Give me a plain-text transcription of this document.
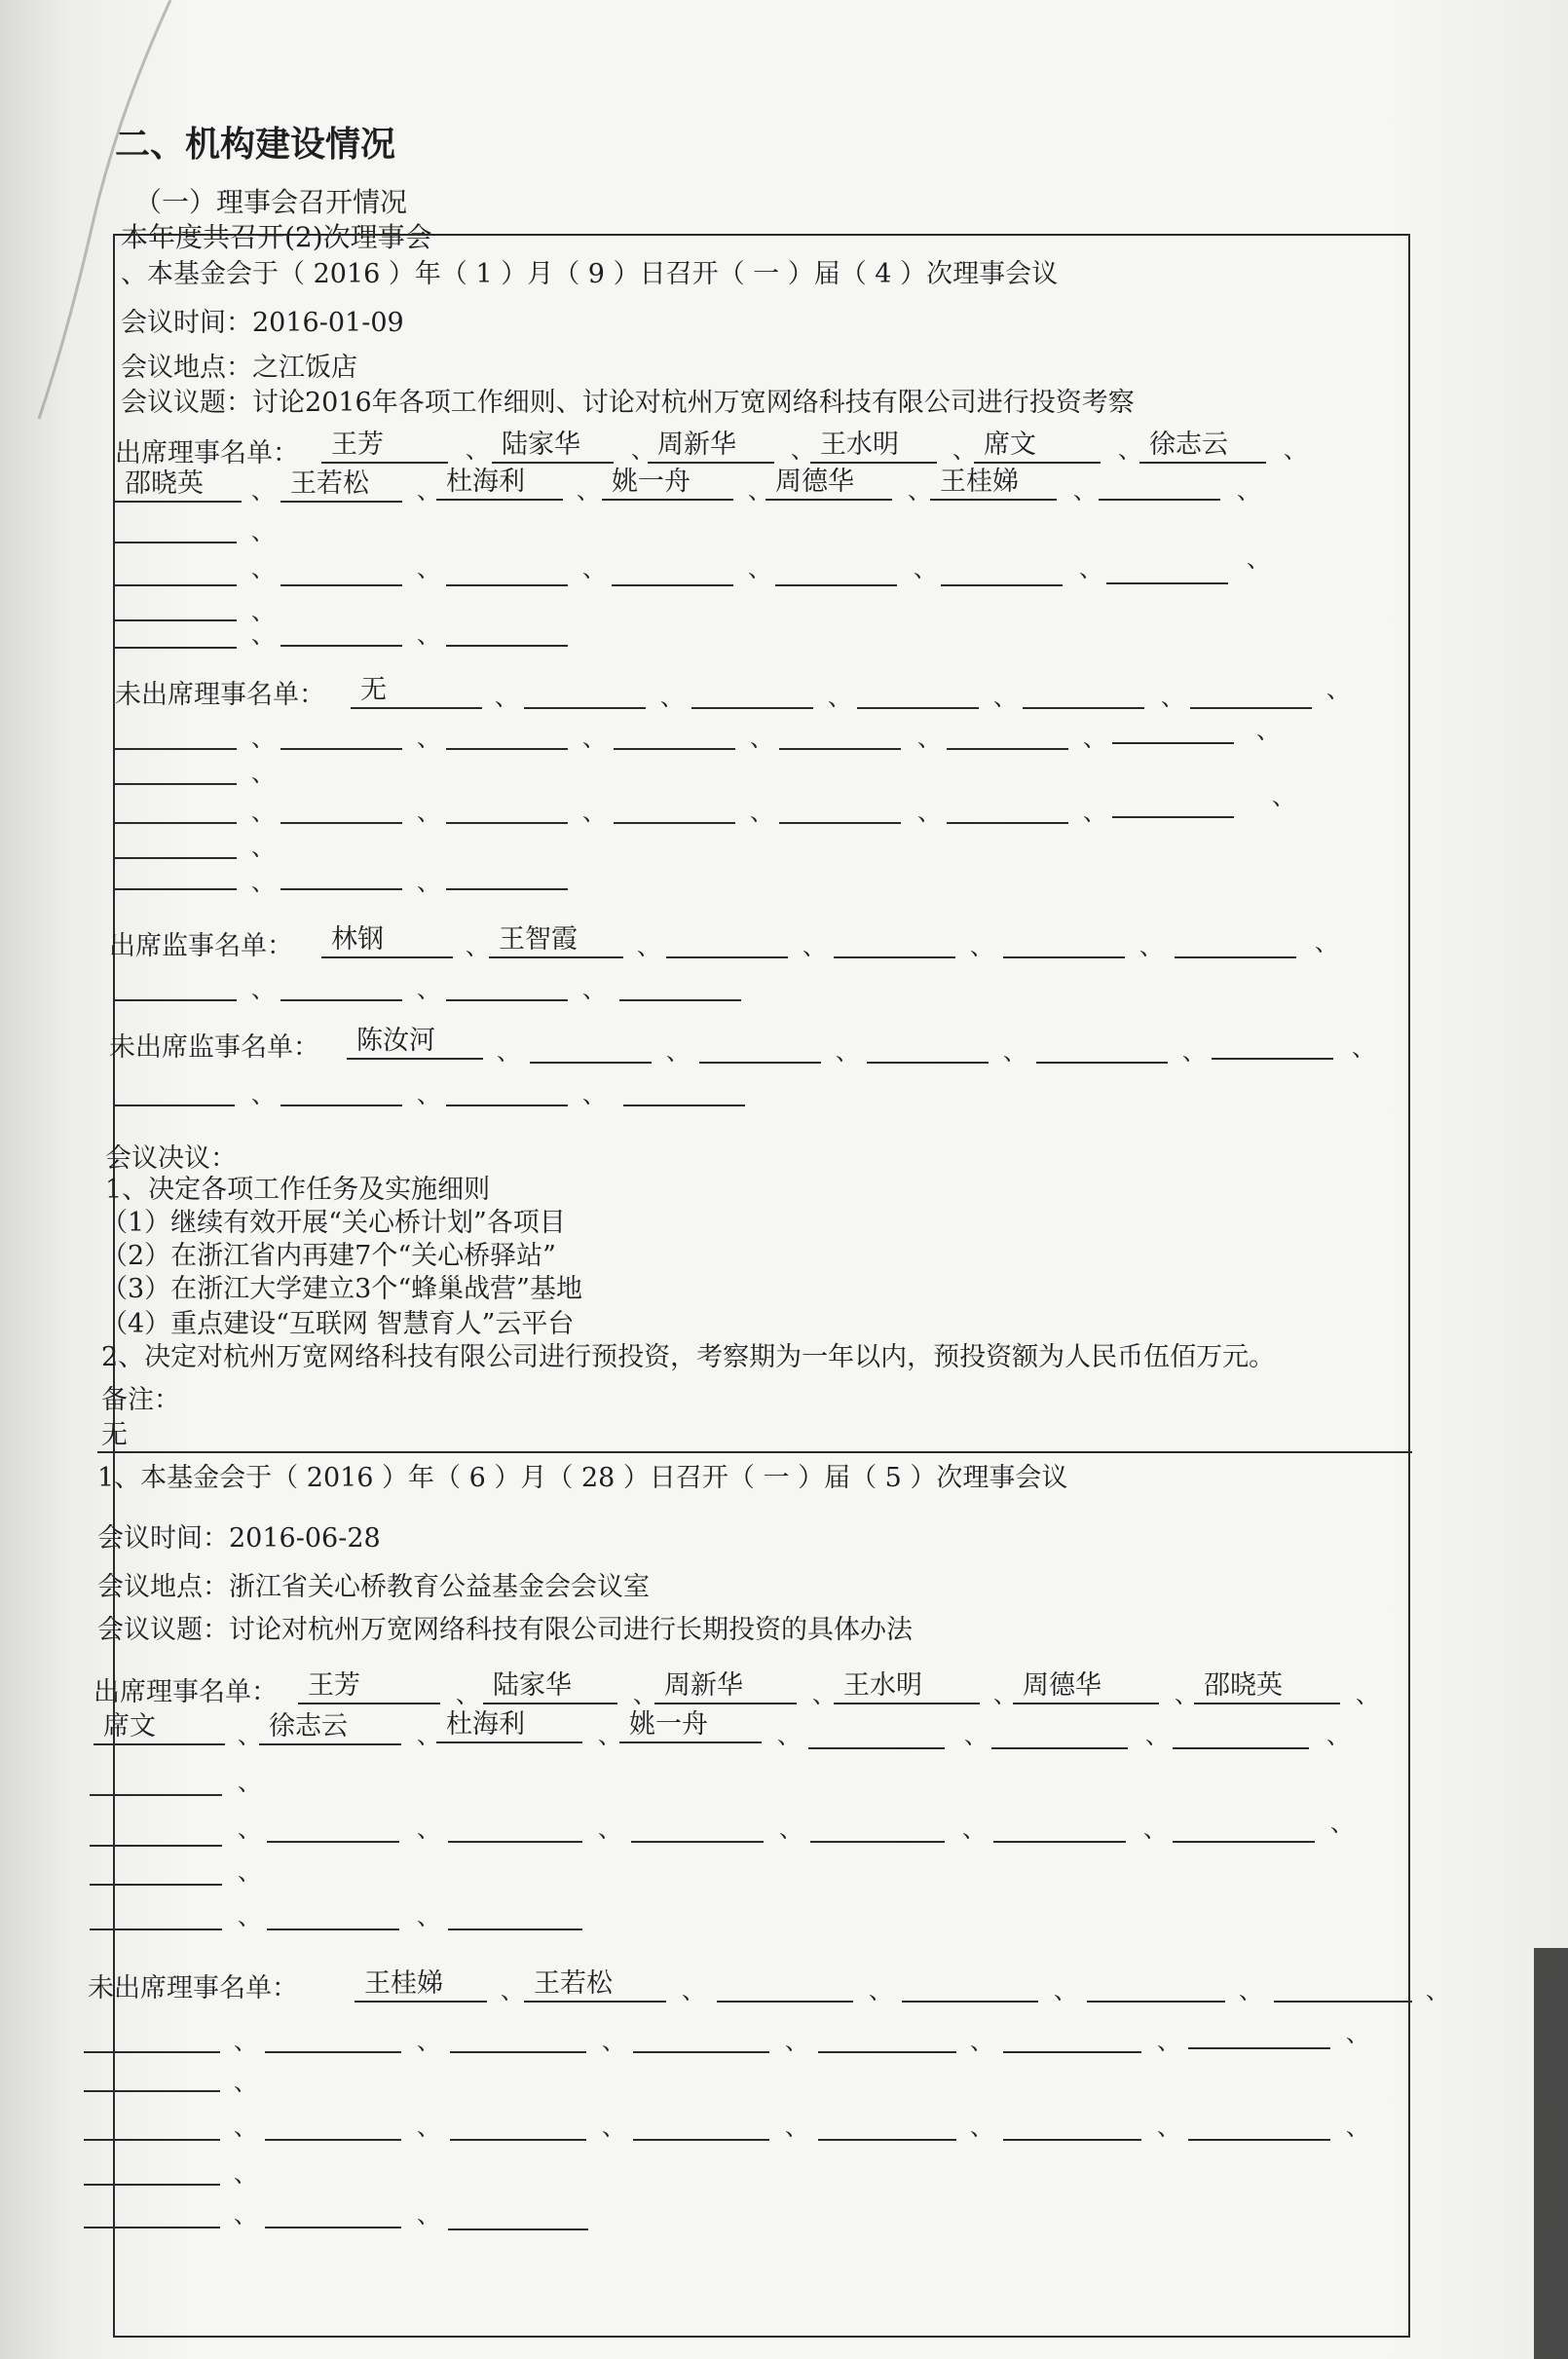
二、机构建设情况
（一）理事会召开情况
本年度共召开(2)次理事会
、本基金会于（ 2016 ）年（ 1 ）月（ 9 ）日召开（ 一 ）届（ 4 ）次理事会议
会议时间：2016-01-09
会议地点：之江饭店
会议议题：讨论2016年各项工作细则、讨论对杭州万宽网络科技有限公司进行投资考察
出席理事名单：	王芳	、 陆家华	、 周新华	、 王水明	、 席文	、 徐志云	、
邵晓英	、 王若松	、 杜海利	、 姚一舟	、 周德华	、 王桂娣	、	、
、
、	、	、	、	、	、	、
、
、	、
未出席理事名单：	无	、	、	、	、	、	、
、	、	、	、	、	、	、
、
、	、	、	、	、	、
、
、
、	、
出席监事名单：	林钢	、 王智霞	、	、	、	、	、
、	、	、
未出席监事名单：	陈汝河	、	、	、	、	、	、
、	、	、
会议决议：
1、决定各项工作任务及实施细则
（1）继续有效开展“关心桥计划”各项目
（2）在浙江省内再建7个“关心桥驿站”
（3）在浙江大学建立3个“蜂巢战营”基地
（4）重点建设“互联网 智慧育人”云平台
2、决定对杭州万宽网络科技有限公司进行预投资，考察期为一年以内，预投资额为人民币伍佰万元。
备注：
无
1、本基金会于（ 2016 ）年（ 6 ）月（ 28 ）日召开（ 一 ）届（ 5 ）次理事会议
会议时间：2016-06-28
会议地点：浙江省关心桥教育公益基金会会议室
会议议题：讨论对杭州万宽网络科技有限公司进行长期投资的具体办法
出席理事名单：	王芳	、 陆家华	、 周新华	、 王水明	、 周德华	、 邵晓英	、
席文	、 徐志云	、 杜海利	、 姚一舟	、	、	、	、
、
、	、	、	、	、	、	、
、
、	、
未出席理事名单：	王桂娣	、 王若松	、	、	、	、	、
、	、	、	、	、	、	、
、
、	、	、	、	、	、	、
、
、	、
